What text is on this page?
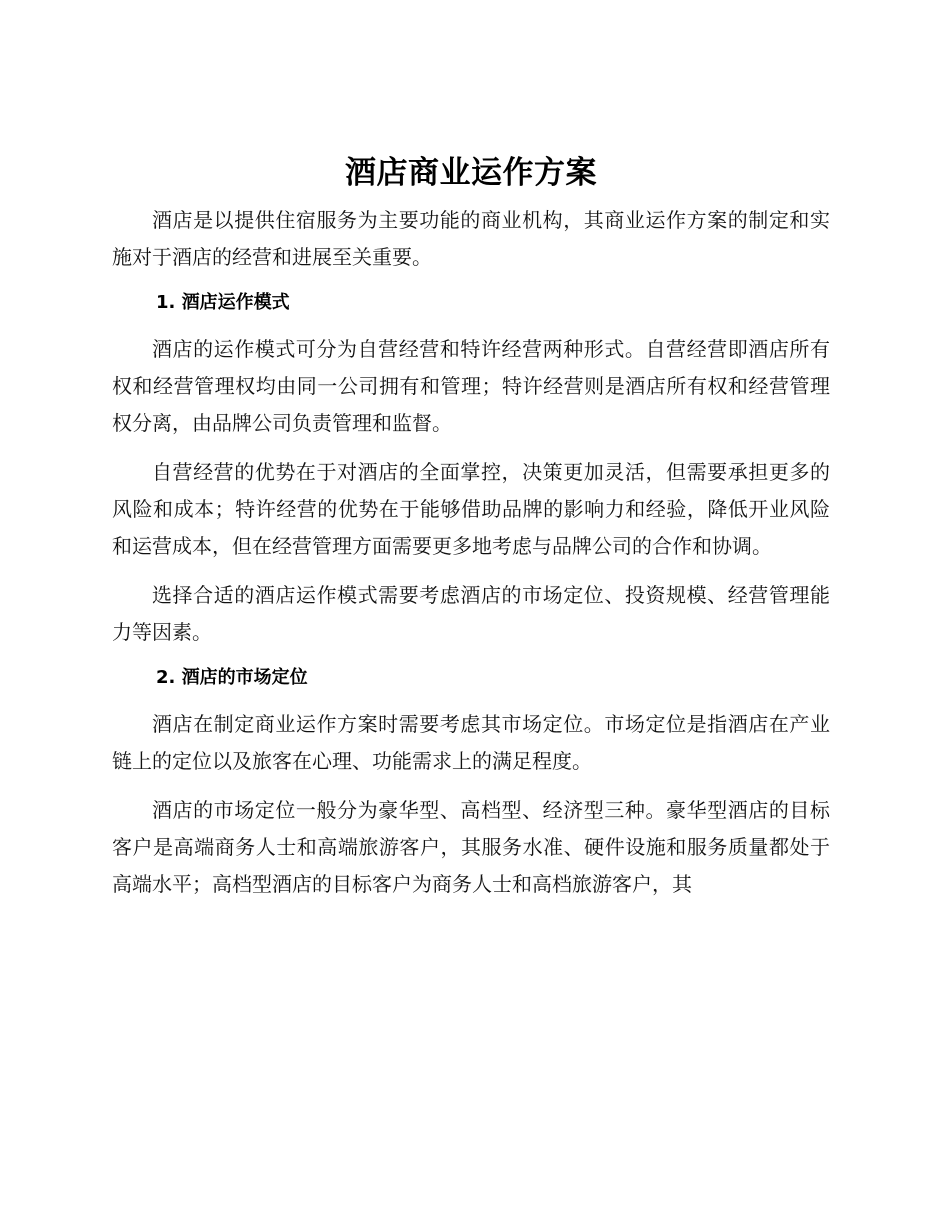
酒店商业运作方案

酒店是以提供住宿服务为主要功能的商业机构，其商业运作方案的制定和实施对于酒店的经营和进展至关重要。

1. 酒店运作模式

酒店的运作模式可分为自营经营和特许经营两种形式。自营经营即酒店所有权和经营管理权均由同一公司拥有和管理；特许经营则是酒店所有权和经营管理权分离，由品牌公司负责管理和监督。

自营经营的优势在于对酒店的全面掌控，决策更加灵活，但需要承担更多的风险和成本；特许经营的优势在于能够借助品牌的影响力和经验，降低开业风险和运营成本，但在经营管理方面需要更多地考虑与品牌公司的合作和协调。

选择合适的酒店运作模式需要考虑酒店的市场定位、投资规模、经营管理能力等因素。

2. 酒店的市场定位

酒店在制定商业运作方案时需要考虑其市场定位。市场定位是指酒店在产业链上的定位以及旅客在心理、功能需求上的满足程度。

酒店的市场定位一般分为豪华型、高档型、经济型三种。豪华型酒店的目标客户是高端商务人士和高端旅游客户，其服务水准、硬件设施和服务质量都处于高端水平；高档型酒店的目标客户为商务人士和高档旅游客户，其
